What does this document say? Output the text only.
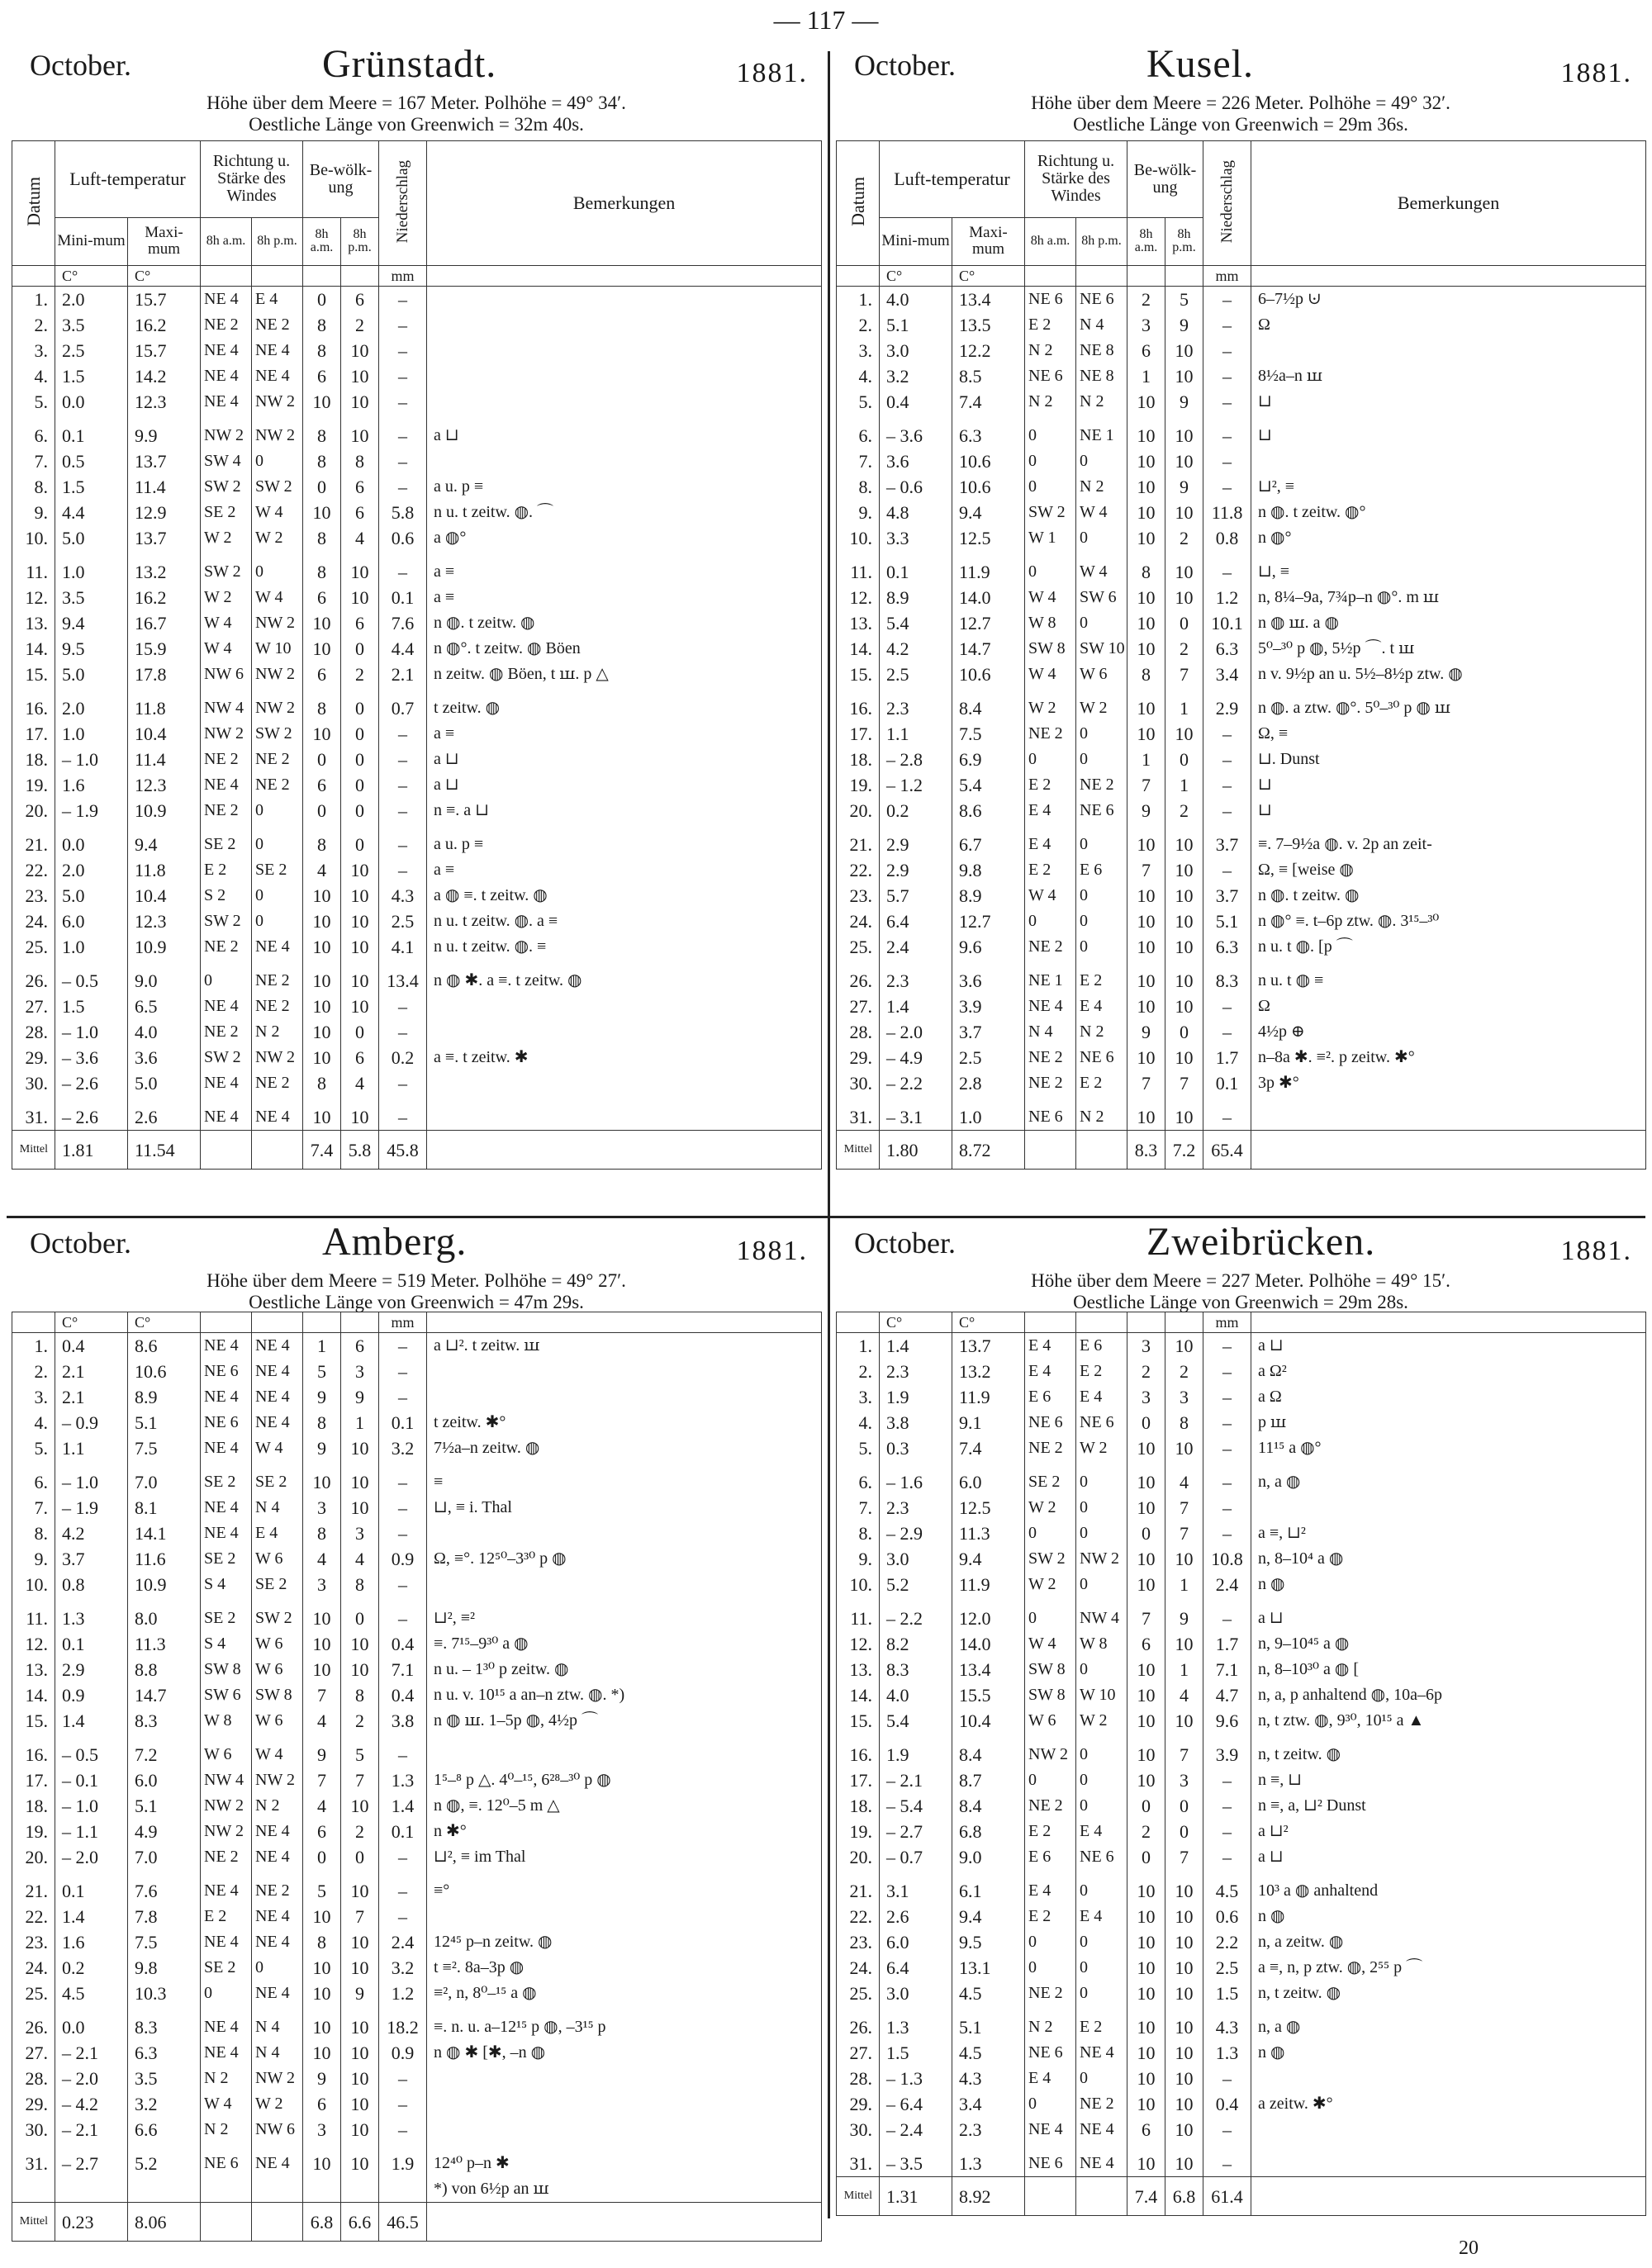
— 117 —
October.	Grünstadt.	1881.
Höhe über dem Meere = 167 Meter. Polhöhe = 49° 34′.
Oestliche Länge von Greenwich = 32m 40s.
Datum	Luft-temperatur		Richtung u. Stärke des Windes		Be-wölk-ung		Niederschlag	Bemerkungen
	Mini-mum	Maxi-mum	8h a.m.	8h p.m.	8h a.m.	8h p.m.		
	C°	C°					mm	
1.	2.0	15.7	NE 4	E 4	0	6	–	
2.	3.5	16.2	NE 2	NE 2	8	2	–	
3.	2.5	15.7	NE 4	NE 4	8	10	–	
4.	1.5	14.2	NE 4	NE 4	6	10	–	
5.	0.0	12.3	NE 4	NW 2	10	10	–	
6.	0.1	9.9	NW 2	NW 2	8	10	–	a ⊔
7.	0.5	13.7	SW 4	0	8	8	–	
8.	1.5	11.4	SW 2	SW 2	0	6	–	a u. p ≡
9.	4.4	12.9	SE 2	W 4	10	6	5.8	n u. t zeitw. ◍. ⌒
10.	5.0	13.7	W 2	W 2	8	4	0.6	a ◍°
11.	1.0	13.2	SW 2	0	8	10	–	a ≡
12.	3.5	16.2	W 2	W 4	6	10	0.1	a ≡
13.	9.4	16.7	W 4	NW 2	10	6	7.6	n ◍. t zeitw. ◍
14.	9.5	15.9	W 4	W 10	10	0	4.4	n ◍°. t zeitw. ◍ Böen
15.	5.0	17.8	NW 6	NW 2	6	2	2.1	n zeitw. ◍ Böen, t ꟺ. p △
16.	2.0	11.8	NW 4	NW 2	8	0	0.7	t zeitw. ◍
17.	1.0	10.4	NW 2	SW 2	10	0	–	a ≡
18.	– 1.0	11.4	NE 2	NE 2	0	0	–	a ⊔
19.	1.6	12.3	NE 4	NE 2	6	0	–	a ⊔
20.	– 1.9	10.9	NE 2	0	0	0	–	n ≡. a ⊔
21.	0.0	9.4	SE 2	0	8	0	–	a u. p ≡
22.	2.0	11.8	E 2	SE 2	4	10	–	a ≡
23.	5.0	10.4	S 2	0	10	10	4.3	a ◍ ≡. t zeitw. ◍
24.	6.0	12.3	SW 2	0	10	10	2.5	n u. t zeitw. ◍. a ≡
25.	1.0	10.9	NE 2	NE 4	10	10	4.1	n u. t zeitw. ◍. ≡
26.	– 0.5	9.0	0	NE 2	10	10	13.4	n ◍ ✱. a ≡. t zeitw. ◍
27.	1.5	6.5	NE 4	NE 2	10	10	–	
28.	– 1.0	4.0	NE 2	N 2	10	0	–	
29.	– 3.6	3.6	SW 2	NW 2	10	6	0.2	a ≡. t zeitw. ✱
30.	– 2.6	5.0	NE 4	NE 2	8	4	–	
31.	– 2.6	2.6	NE 4	NE 4	10	10	–	
Mittel	1.81	11.54			7.4	5.8	45.8	
October.	Kusel.	1881.
Höhe über dem Meere = 226 Meter. Polhöhe = 49° 32′.
Oestliche Länge von Greenwich = 29m 36s.
Datum	Luft-temperatur		Richtung u. Stärke des Windes		Be-wölk-ung		Niederschlag	Bemerkungen
	Mini-mum	Maxi-mum	8h a.m.	8h p.m.	8h a.m.	8h p.m.		
	C°	C°					mm	
1.	4.0	13.4	NE 6	NE 6	2	5	–	6–7½p ⊍
2.	5.1	13.5	E 2	N 4	3	9	–	Ω
3.	3.0	12.2	N 2	NE 8	6	10	–	
4.	3.2	8.5	NE 6	NE 8	1	10	–	8½a–n ꟺ
5.	0.4	7.4	N 2	N 2	10	9	–	⊔
6.	– 3.6	6.3	0	NE 1	10	10	–	⊔
7.	3.6	10.6	0	0	10	10	–	
8.	– 0.6	10.6	0	N 2	10	9	–	⊔², ≡
9.	4.8	9.4	SW 2	W 4	10	10	11.8	n ◍. t zeitw. ◍°
10.	3.3	12.5	W 1	0	10	2	0.8	n ◍°
11.	0.1	11.9	0	W 4	8	10	–	⊔, ≡
12.	8.9	14.0	W 4	SW 6	10	10	1.2	n, 8¼–9a, 7¾p–n ◍°. m ꟺ
13.	5.4	12.7	W 8	0	10	0	10.1	n ◍ ꟺ. a ◍
14.	4.2	14.7	SW 8	SW 10	10	2	6.3	5⁰–³⁰ p ◍, 5½p ⌒. t ꟺ
15.	2.5	10.6	W 4	W 6	8	7	3.4	n v. 9½p an u. 5½–8½p ztw. ◍
16.	2.3	8.4	W 2	W 2	10	1	2.9	n ◍. a ztw. ◍°. 5⁰–³⁰ p ◍ ꟺ
17.	1.1	7.5	NE 2	0	10	10	–	Ω, ≡
18.	– 2.8	6.9	0	0	1	0	–	⊔. Dunst
19.	– 1.2	5.4	E 2	NE 2	7	1	–	⊔
20.	0.2	8.6	E 4	NE 6	9	2	–	⊔
21.	2.9	6.7	E 4	0	10	10	3.7	≡. 7–9½a ◍. v. 2p an zeit-
22.	2.9	9.8	E 2	E 6	7	10	–	Ω, ≡ [weise ◍
23.	5.7	8.9	W 4	0	10	10	3.7	n ◍. t zeitw. ◍
24.	6.4	12.7	0	0	10	10	5.1	n ◍° ≡. t–6p ztw. ◍. 3¹⁵–³⁰
25.	2.4	9.6	NE 2	0	10	10	6.3	n u. t ◍. [p ⌒
26.	2.3	3.6	NE 1	E 2	10	10	8.3	n u. t ◍ ≡
27.	1.4	3.9	NE 4	E 4	10	10	–	Ω
28.	– 2.0	3.7	N 4	N 2	9	0	–	4½p ⊕
29.	– 4.9	2.5	NE 2	NE 6	10	10	1.7	n–8a ✱. ≡². p zeitw. ✱°
30.	– 2.2	2.8	NE 2	E 2	7	7	0.1	3p ✱°
31.	– 3.1	1.0	NE 6	N 2	10	10	–	
Mittel	1.80	8.72			8.3	7.2	65.4	
October.	Amberg.	1881.
Höhe über dem Meere = 519 Meter. Polhöhe = 49° 27′.
Oestliche Länge von Greenwich = 47m 29s.
	C°	C°					mm	
1.	0.4	8.6	NE 4	NE 4	1	6	–	a ⊔². t zeitw. ꟺ
2.	2.1	10.6	NE 6	NE 4	5	3	–	
3.	2.1	8.9	NE 4	NE 4	9	9	–	
4.	– 0.9	5.1	NE 6	NE 4	8	1	0.1	t zeitw. ✱°
5.	1.1	7.5	NE 4	W 4	9	10	3.2	7½a–n zeitw. ◍
6.	– 1.0	7.0	SE 2	SE 2	10	10	–	≡
7.	– 1.9	8.1	NE 4	N 4	3	10	–	⊔, ≡ i. Thal
8.	4.2	14.1	NE 4	E 4	8	3	–	
9.	3.7	11.6	SE 2	W 6	4	4	0.9	Ω, ≡°. 12⁵⁰–3³⁰ p ◍
10.	0.8	10.9	S 4	SE 2	3	8	–	
11.	1.3	8.0	SE 2	SW 2	10	0	–	⊔², ≡²
12.	0.1	11.3	S 4	W 6	10	10	0.4	≡. 7¹⁵–9³⁰ a ◍
13.	2.9	8.8	SW 8	W 6	10	10	7.1	n u. – 1³⁰ p zeitw. ◍
14.	0.9	14.7	SW 6	SW 8	7	8	0.4	n u. v. 10¹⁵ a an–n ztw. ◍. *)
15.	1.4	8.3	W 8	W 6	4	2	3.8	n ◍ ꟺ. 1–5p ◍, 4½p ⌒
16.	– 0.5	7.2	W 6	W 4	9	5	–	
17.	– 0.1	6.0	NW 4	NW 2	7	7	1.3	1⁵–⁸ p △. 4⁰–¹⁵, 6²⁸–³⁰ p ◍
18.	– 1.0	5.1	NW 2	N 2	4	10	1.4	n ◍, ≡. 12⁰–5 m △
19.	– 1.1	4.9	NW 2	NE 4	6	2	0.1	n ✱°
20.	– 2.0	7.0	NE 2	NE 4	0	0	–	⊔², ≡ im Thal
21.	0.1	7.6	NE 4	NE 2	5	10	–	≡°
22.	1.4	7.8	E 2	NE 4	10	7	–	
23.	1.6	7.5	NE 4	NE 4	8	10	2.4	12⁴⁵ p–n zeitw. ◍
24.	0.2	9.8	SE 2	0	10	10	3.2	t ≡². 8a–3p ◍
25.	4.5	10.3	0	NE 4	10	9	1.2	≡², n, 8⁰–¹⁵ a ◍
26.	0.0	8.3	NE 4	N 4	10	10	18.2	≡. n. u. a–12¹⁵ p ◍, –3¹⁵ p
27.	– 2.1	6.3	NE 4	N 4	10	10	0.9	n ◍ ✱ [✱, –n ◍
28.	– 2.0	3.5	N 2	NW 2	9	10	–	
29.	– 4.2	3.2	W 4	W 2	6	10	–	
30.	– 2.1	6.6	N 2	NW 6	3	10	–	
31.	– 2.7	5.2	NE 6	NE 4	10	10	1.9	12⁴⁰ p–n ✱
								*) von 6½p an ꟺ
Mittel	0.23	8.06			6.8	6.6	46.5	
October.	Zweibrücken.	1881.
Höhe über dem Meere = 227 Meter. Polhöhe = 49° 15′.
Oestliche Länge von Greenwich = 29m 28s.
	C°	C°					mm	
1.	1.4	13.7	E 4	E 6	3	10	–	a ⊔
2.	2.3	13.2	E 4	E 2	2	2	–	a Ω²
3.	1.9	11.9	E 6	E 4	3	3	–	a Ω
4.	3.8	9.1	NE 6	NE 6	0	8	–	p ꟺ
5.	0.3	7.4	NE 2	W 2	10	10	–	11¹⁵ a ◍°
6.	– 1.6	6.0	SE 2	0	10	4	–	n, a ◍
7.	2.3	12.5	W 2	0	10	7	–	
8.	– 2.9	11.3	0	0	0	7	–	a ≡, ⊔²
9.	3.0	9.4	SW 2	NW 2	10	10	10.8	n, 8–10⁴ a ◍
10.	5.2	11.9	W 2	0	10	1	2.4	n ◍
11.	– 2.2	12.0	0	NW 4	7	9	–	a ⊔
12.	8.2	14.0	W 4	W 8	6	10	1.7	n, 9–10⁴⁵ a ◍
13.	8.3	13.4	SW 8	0	10	1	7.1	n, 8–10³⁰ a ◍ [
14.	4.0	15.5	SW 8	W 10	10	4	4.7	n, a, p anhaltend ◍, 10a–6p
15.	5.4	10.4	W 6	W 2	10	10	9.6	n, t ztw. ◍, 9³⁰, 10¹⁵ a ▲
16.	1.9	8.4	NW 2	0	10	7	3.9	n, t zeitw. ◍
17.	– 2.1	8.7	0	0	10	3	–	n ≡, ⊔
18.	– 5.4	8.4	NE 2	0	0	0	–	n ≡, a, ⊔² Dunst
19.	– 2.7	6.8	E 2	E 4	2	0	–	a ⊔²
20.	– 0.7	9.0	E 6	NE 6	0	7	–	a ⊔
21.	3.1	6.1	E 4	0	10	10	4.5	10³ a ◍ anhaltend
22.	2.6	9.4	E 2	E 4	10	10	0.6	n ◍
23.	6.0	9.5	0	0	10	10	2.2	n, a zeitw. ◍
24.	6.4	13.1	0	0	10	10	2.5	a ≡, n, p ztw. ◍, 2⁵⁵ p ⌒
25.	3.0	4.5	NE 2	0	10	10	1.5	n, t zeitw. ◍
26.	1.3	5.1	N 2	E 2	10	10	4.3	n, a ◍
27.	1.5	4.5	NE 6	NE 4	10	10	1.3	n ◍
28.	– 1.3	4.3	E 4	0	10	10	–	
29.	– 6.4	3.4	0	NE 2	10	10	0.4	a zeitw. ✱°
30.	– 2.4	2.3	NE 4	NE 4	6	10	–	
31.	– 3.5	1.3	NE 6	NE 4	10	10	–	
Mittel	1.31	8.92			7.4	6.8	61.4	
20
